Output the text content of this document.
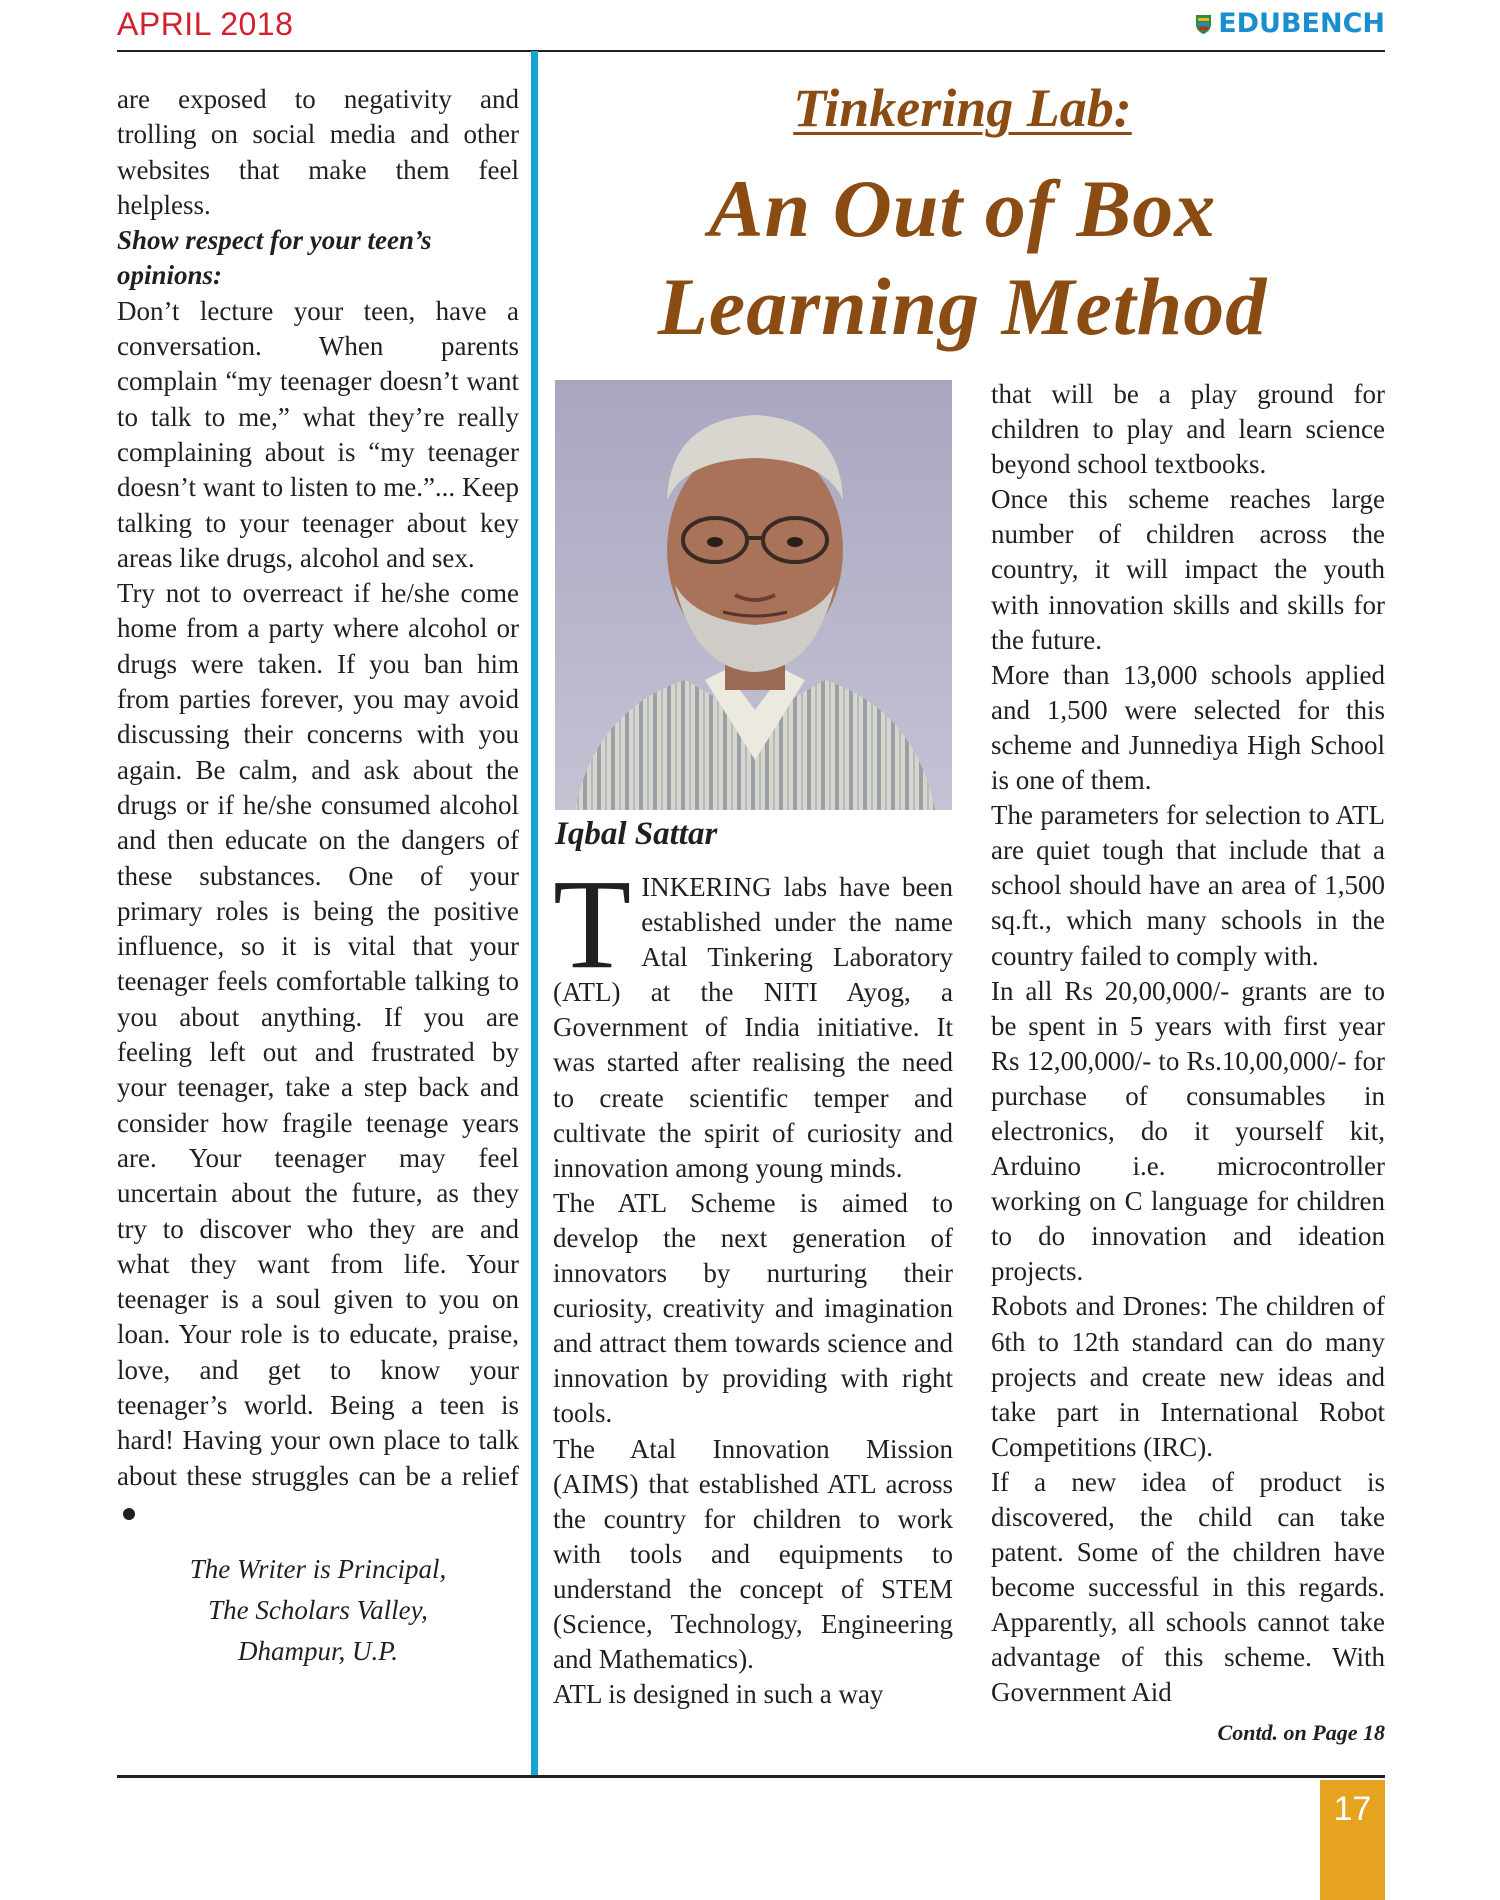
APRIL 2018	EDUBENCH

are exposed to negativity and trolling on social media and other websites that make them feel helpless.

Show respect for your teen’s opinions:

Don’t lecture your teen, have a conversation. When parents complain “my teenager doesn’t want to talk to me,” what they’re really complaining about is “my teenager doesn’t want to listen to me.”... Keep talking to your teenager about key areas like drugs, alcohol and sex.

Try not to overreact if he/she come home from a party where alcohol or drugs were taken. If you ban him from parties forever, you may avoid discussing their concerns with you again. Be calm, and ask about the drugs or if he/she consumed alcohol and then educate on the dangers of these substances. One of your primary roles is being the positive influence, so it is vital that your teenager feels comfortable talking to you about anything. If you are feeling left out and frustrated by your teenager, take a step back and consider how fragile teenage years are. Your teenager may feel uncertain about the future, as they try to discover who they are and what they want from life. Your teenager is a soul given to you on loan. Your role is to educate, praise, love, and get to know your teenager’s world. Being a teen is hard! Having your own place to talk about these struggles can be a relief

The Writer is Principal,
The Scholars Valley,
Dhampur, U.P.
Tinkering Lab:
An Out of Box
Learning Method
Iqbal Sattar

TINKERING labs have been established under the name Atal Tinkering Laboratory (ATL) at the NITI Ayog, a Government of India initiative. It was started after realising the need to create scientific temper and cultivate the spirit of curiosity and innovation among young minds.

The ATL Scheme is aimed to develop the next generation of innovators by nurturing their curiosity, creativity and imagination and attract them towards science and innovation by providing with right tools.

The Atal Innovation Mission (AIMS) that established ATL across the country for children to work with tools and equipments to understand the concept of STEM (Science, Technology, Engineering and Mathematics).

ATL is designed in such a way

that will be a play ground for children to play and learn science beyond school textbooks.

Once this scheme reaches large number of children across the country, it will impact the youth with innovation skills and skills for the future.

More than 13,000 schools applied and 1,500 were selected for this scheme and Junnediya High School is one of them.

The parameters for selection to ATL are quiet tough that include that a school should have an area of 1,500 sq.ft., which many schools in the country failed to comply with.

In all Rs 20,00,000/- grants are to be spent in 5 years with first year Rs 12,00,000/- to Rs.10,00,000/- for purchase of consumables in electronics, do it yourself kit, Arduino i.e. microcontroller working on C language for children to do innovation and ideation projects.

Robots and Drones: The children of 6th to 12th standard can do many projects and create new ideas and take part in International Robot Competitions (IRC).

If a new idea of product is discovered, the child can take patent. Some of the children have become successful in this regards. Apparently, all schools cannot take advantage of this scheme. With Government Aid

Contd. on Page 18

17
